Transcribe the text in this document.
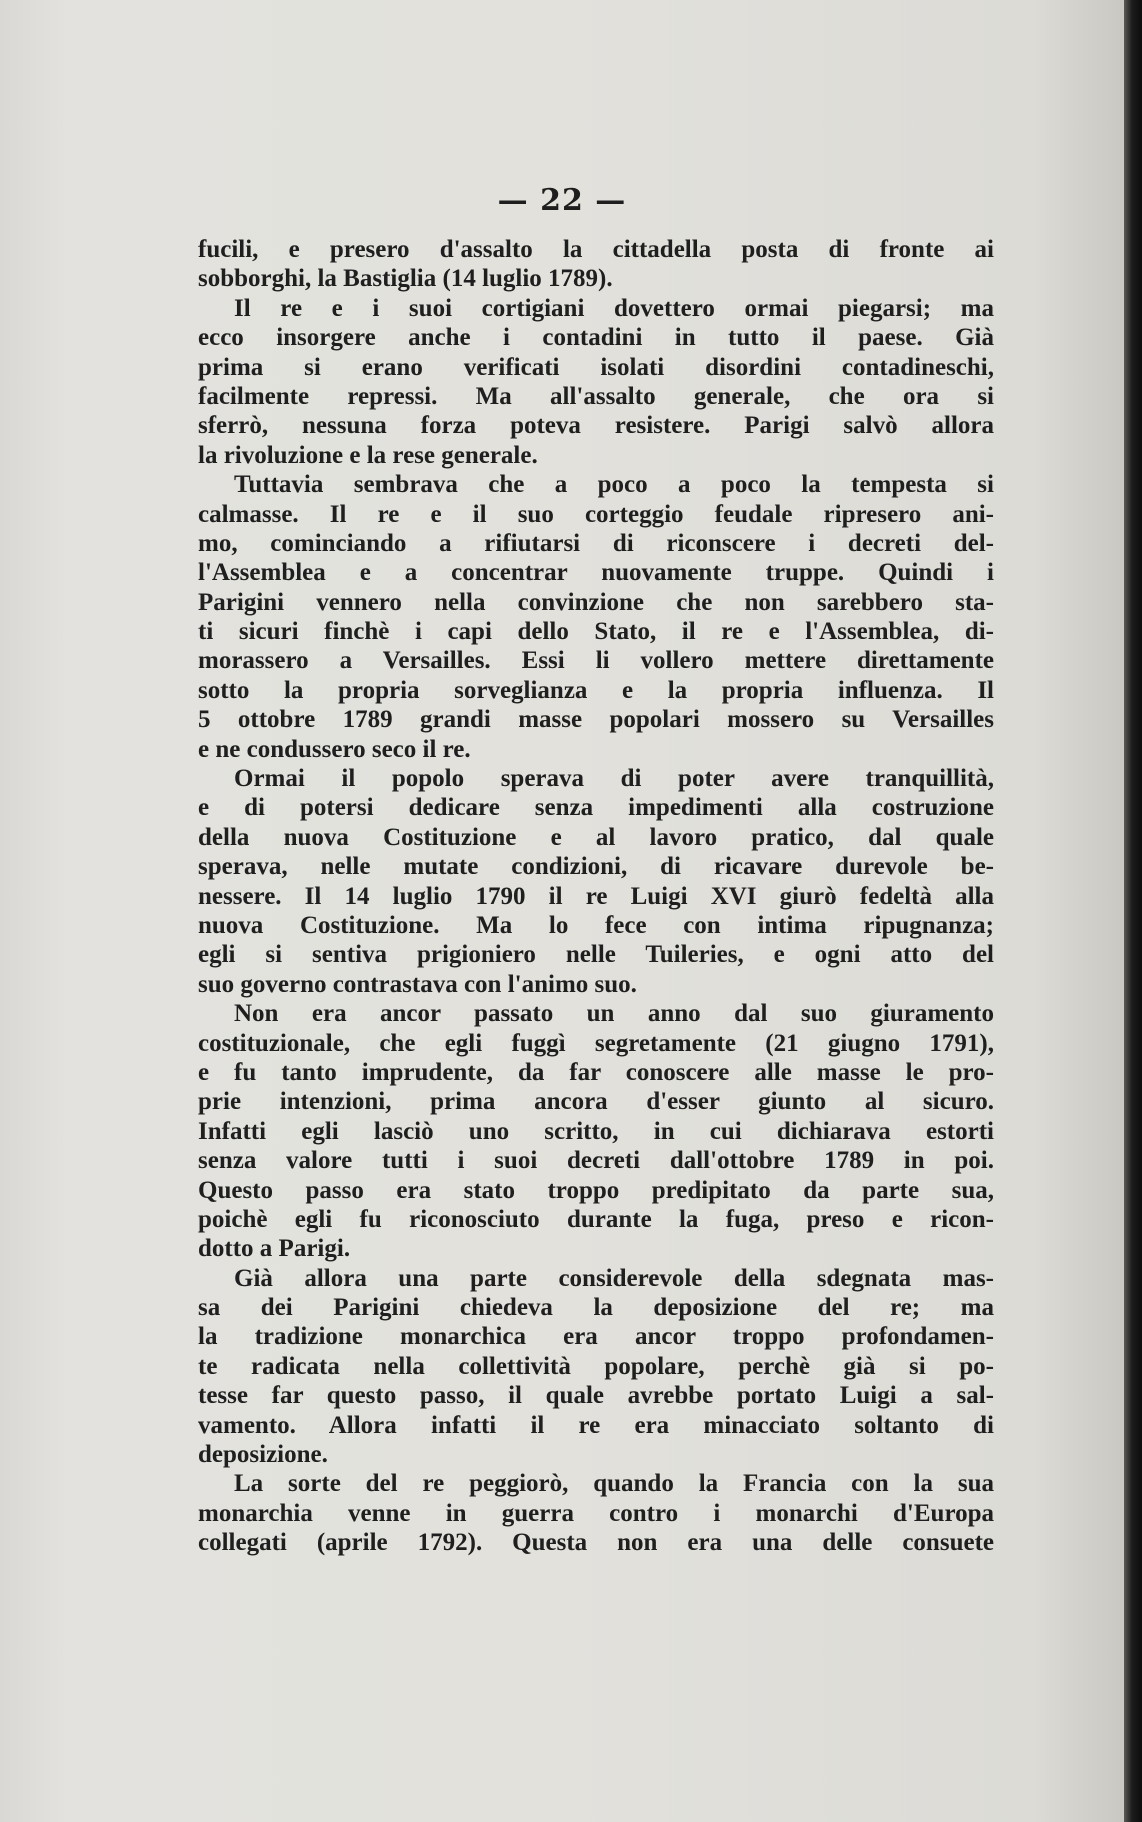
— 22 —
fucili, e presero d'assalto la cittadella posta di fronte ai
sobborghi, la Bastiglia (14 luglio 1789).
Il re e i suoi cortigiani dovettero ormai piegarsi; ma
ecco insorgere anche i contadini in tutto il paese. Già
prima si erano verificati isolati disordini contadineschi,
facilmente repressi. Ma all'assalto generale, che ora si
sferrò, nessuna forza poteva resistere. Parigi salvò allora
la rivoluzione e la rese generale.
Tuttavia sembrava che a poco a poco la tempesta si
calmasse. Il re e il suo corteggio feudale ripresero ani-
mo, cominciando a rifiutarsi di riconscere i decreti del-
l'Assemblea e a concentrar nuovamente truppe. Quindi i
Parigini vennero nella convinzione che non sarebbero sta-
ti sicuri finchè i capi dello Stato, il re e l'Assemblea, di-
morassero a Versailles. Essi li vollero mettere direttamente
sotto la propria sorveglianza e la propria influenza. Il
5 ottobre 1789 grandi masse popolari mossero su Versailles
e ne condussero seco il re.
Ormai il popolo sperava di poter avere tranquillità,
e di potersi dedicare senza impedimenti alla costruzione
della nuova Costituzione e al lavoro pratico, dal quale
sperava, nelle mutate condizioni, di ricavare durevole be-
nessere. Il 14 luglio 1790 il re Luigi XVI giurò fedeltà alla
nuova Costituzione. Ma lo fece con intima ripugnanza;
egli si sentiva prigioniero nelle Tuileries, e ogni atto del
suo governo contrastava con l'animo suo.
Non era ancor passato un anno dal suo giuramento
costituzionale, che egli fuggì segretamente (21 giugno 1791),
e fu tanto imprudente, da far conoscere alle masse le pro-
prie intenzioni, prima ancora d'esser giunto al sicuro.
Infatti egli lasciò uno scritto, in cui dichiarava estorti
senza valore tutti i suoi decreti dall'ottobre 1789 in poi.
Questo passo era stato troppo predipitato da parte sua,
poichè egli fu riconosciuto durante la fuga, preso e ricon-
dotto a Parigi.
Già allora una parte considerevole della sdegnata mas-
sa dei Parigini chiedeva la deposizione del re; ma
la tradizione monarchica era ancor troppo profondamen-
te radicata nella collettività popolare, perchè già si po-
tesse far questo passo, il quale avrebbe portato Luigi a sal-
vamento. Allora infatti il re era minacciato soltanto di
deposizione.
La sorte del re peggiorò, quando la Francia con la sua
monarchia venne in guerra contro i monarchi d'Europa
collegati (aprile 1792). Questa non era una delle consuete
